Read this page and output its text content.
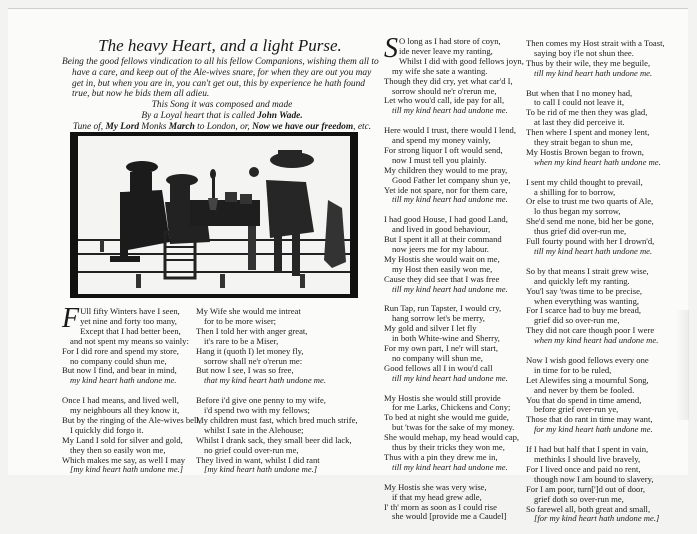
The heavy Heart, and a light Purse.
Being the good fellows vindication to all his fellow Companions, wishing them all to have a care, and keep out of the Ale-wives snare, for when they are out you may get in, but when you are in, you can't get out, this by experience he hath found true, but now he bids them all adieu.
This Song it was composed and made
By a Loyal heart that is called John Wade.
Tune of, My Lord Monks March to London, or, Now we have our freedom, etc.
F Ull fifty Winters have I seen,
yet nine and forty too many,
Except that I had better been,
and not spent my means so vainly:
For I did rore and spend my store,
no company could shun me,
But now I find, and bear in mind,
my kind heart hath undone me.
Once I had means, and lived well,
my neighbours all they know it,
But by the ringing of the Ale-wives bell,
I quickly did forgo it.
My Land I sold for silver and gold,
they then so easily won me,
Which makes me say, as well I may
[my kind heart hath undone me.]
My Wife she would me intreat
for to be more wiser;
Then I told her with anger great,
it's rare to be a Miser,
Hang it (quoth I) let money fly,
sorrow shall ne'r o'rerun me:
But now I see, I was so free,
that my kind heart hath undone me.
Before i'd give one penny to my wife,
i'd spend two with my fellows;
My children must fast, which bred much strife,
whilst I sate in the Alehouse;
Whilst I drank sack, they small beer did lack,
no grief could over-run me,
They lived in want, whilst I did rant
[my kind heart hath undone me.]
S O long as I had store of coyn,
ide never leave my ranting,
Whilst I did with good fellows joyn,
my wife she sate a wanting.
Though they did cry, yet what car'd I,
sorrow should ne'r o'rerun me,
Let who wou'd call, ide pay for all,
till my kind heart had undone me.
Here would I trust, there would I lend,
and spend my money vainly,
For strong liquor I oft would send,
now I must tell you plainly.
My children they would to me pray,
Good Father let company shun ye,
Yet ide not spare, nor for them care,
till my kind heart had undone me.
I had good House, I had good Land,
and lived in good behaviour,
But I spent it all at their command
now jeers me for my labour.
My Hostis she would wait on me,
my Host then easily won me,
Cause they did see that I was free
till my kind heart had undone me.
Run Tap, run Tapster, I would cry,
hang sorrow let's be merry,
My gold and silver I let fly
in both White-wine and Sherry,
For my own part, I ne'r will start,
no company will shun me,
Good fellows all I in wou'd call
till my kind heart had undone me.
My Hostis she would still provide
for me Larks, Chickens and Cony;
To bed at night she would me guide,
but 'twas for the sake of my money.
She would mehap, my head would cap,
thus by their tricks they won me,
Thus with a pin they drew me in,
till my kind heart had undone me.
My Hostis she was very wise,
if that my head grew adle,
I' th' morn as soon as I could rise
she would [provide me a Caudel]
Then comes my Host strait with a Toast,
saying boy i'le not shun thee.
Thus by their wile, they me beguile,
till my kind heart hath undone me.
But when that I no money had,
to call I could not leave it,
To be rid of me then they was glad,
at last they did perceive it.
Then where I spent and money lent,
they strait began to shun me,
My Hostis Brown began to frown,
when my kind heart hath undone me.
I sent my child thought to prevail,
a shilling for to borrow,
Or else to trust me two quarts of Ale,
lo thus began my sorrow,
She'd send me none, bid her be gone,
thus grief did over-run me,
Full fourty pound with her I drown'd,
till my kind heart hath undone me.
So by that means I strait grew wise,
and quickly left my ranting.
You'l say 'twas time to be precise,
when everything was wanting,
For I scarce had to buy me bread,
grief did so over-run me,
They did not care though poor I were
when my kind heart had undone me.
Now I wish good fellows every one
in time for to be ruled,
Let Alewifes sing a mournful Song,
and never by them be fooled.
You that do spend in time amend,
before grief over-run ye,
Those that do rant in time may want,
for my kind heart hath undone me.
If I had but half that I spent in vain,
methinks I should live bravely,
For I lived once and paid no rent,
though now I am bound to slavery,
For I am poor, turn[']d out of door,
grief doth so over-run me,
So farewel all, both great and small,
[for my kind heart hath undone me.]
